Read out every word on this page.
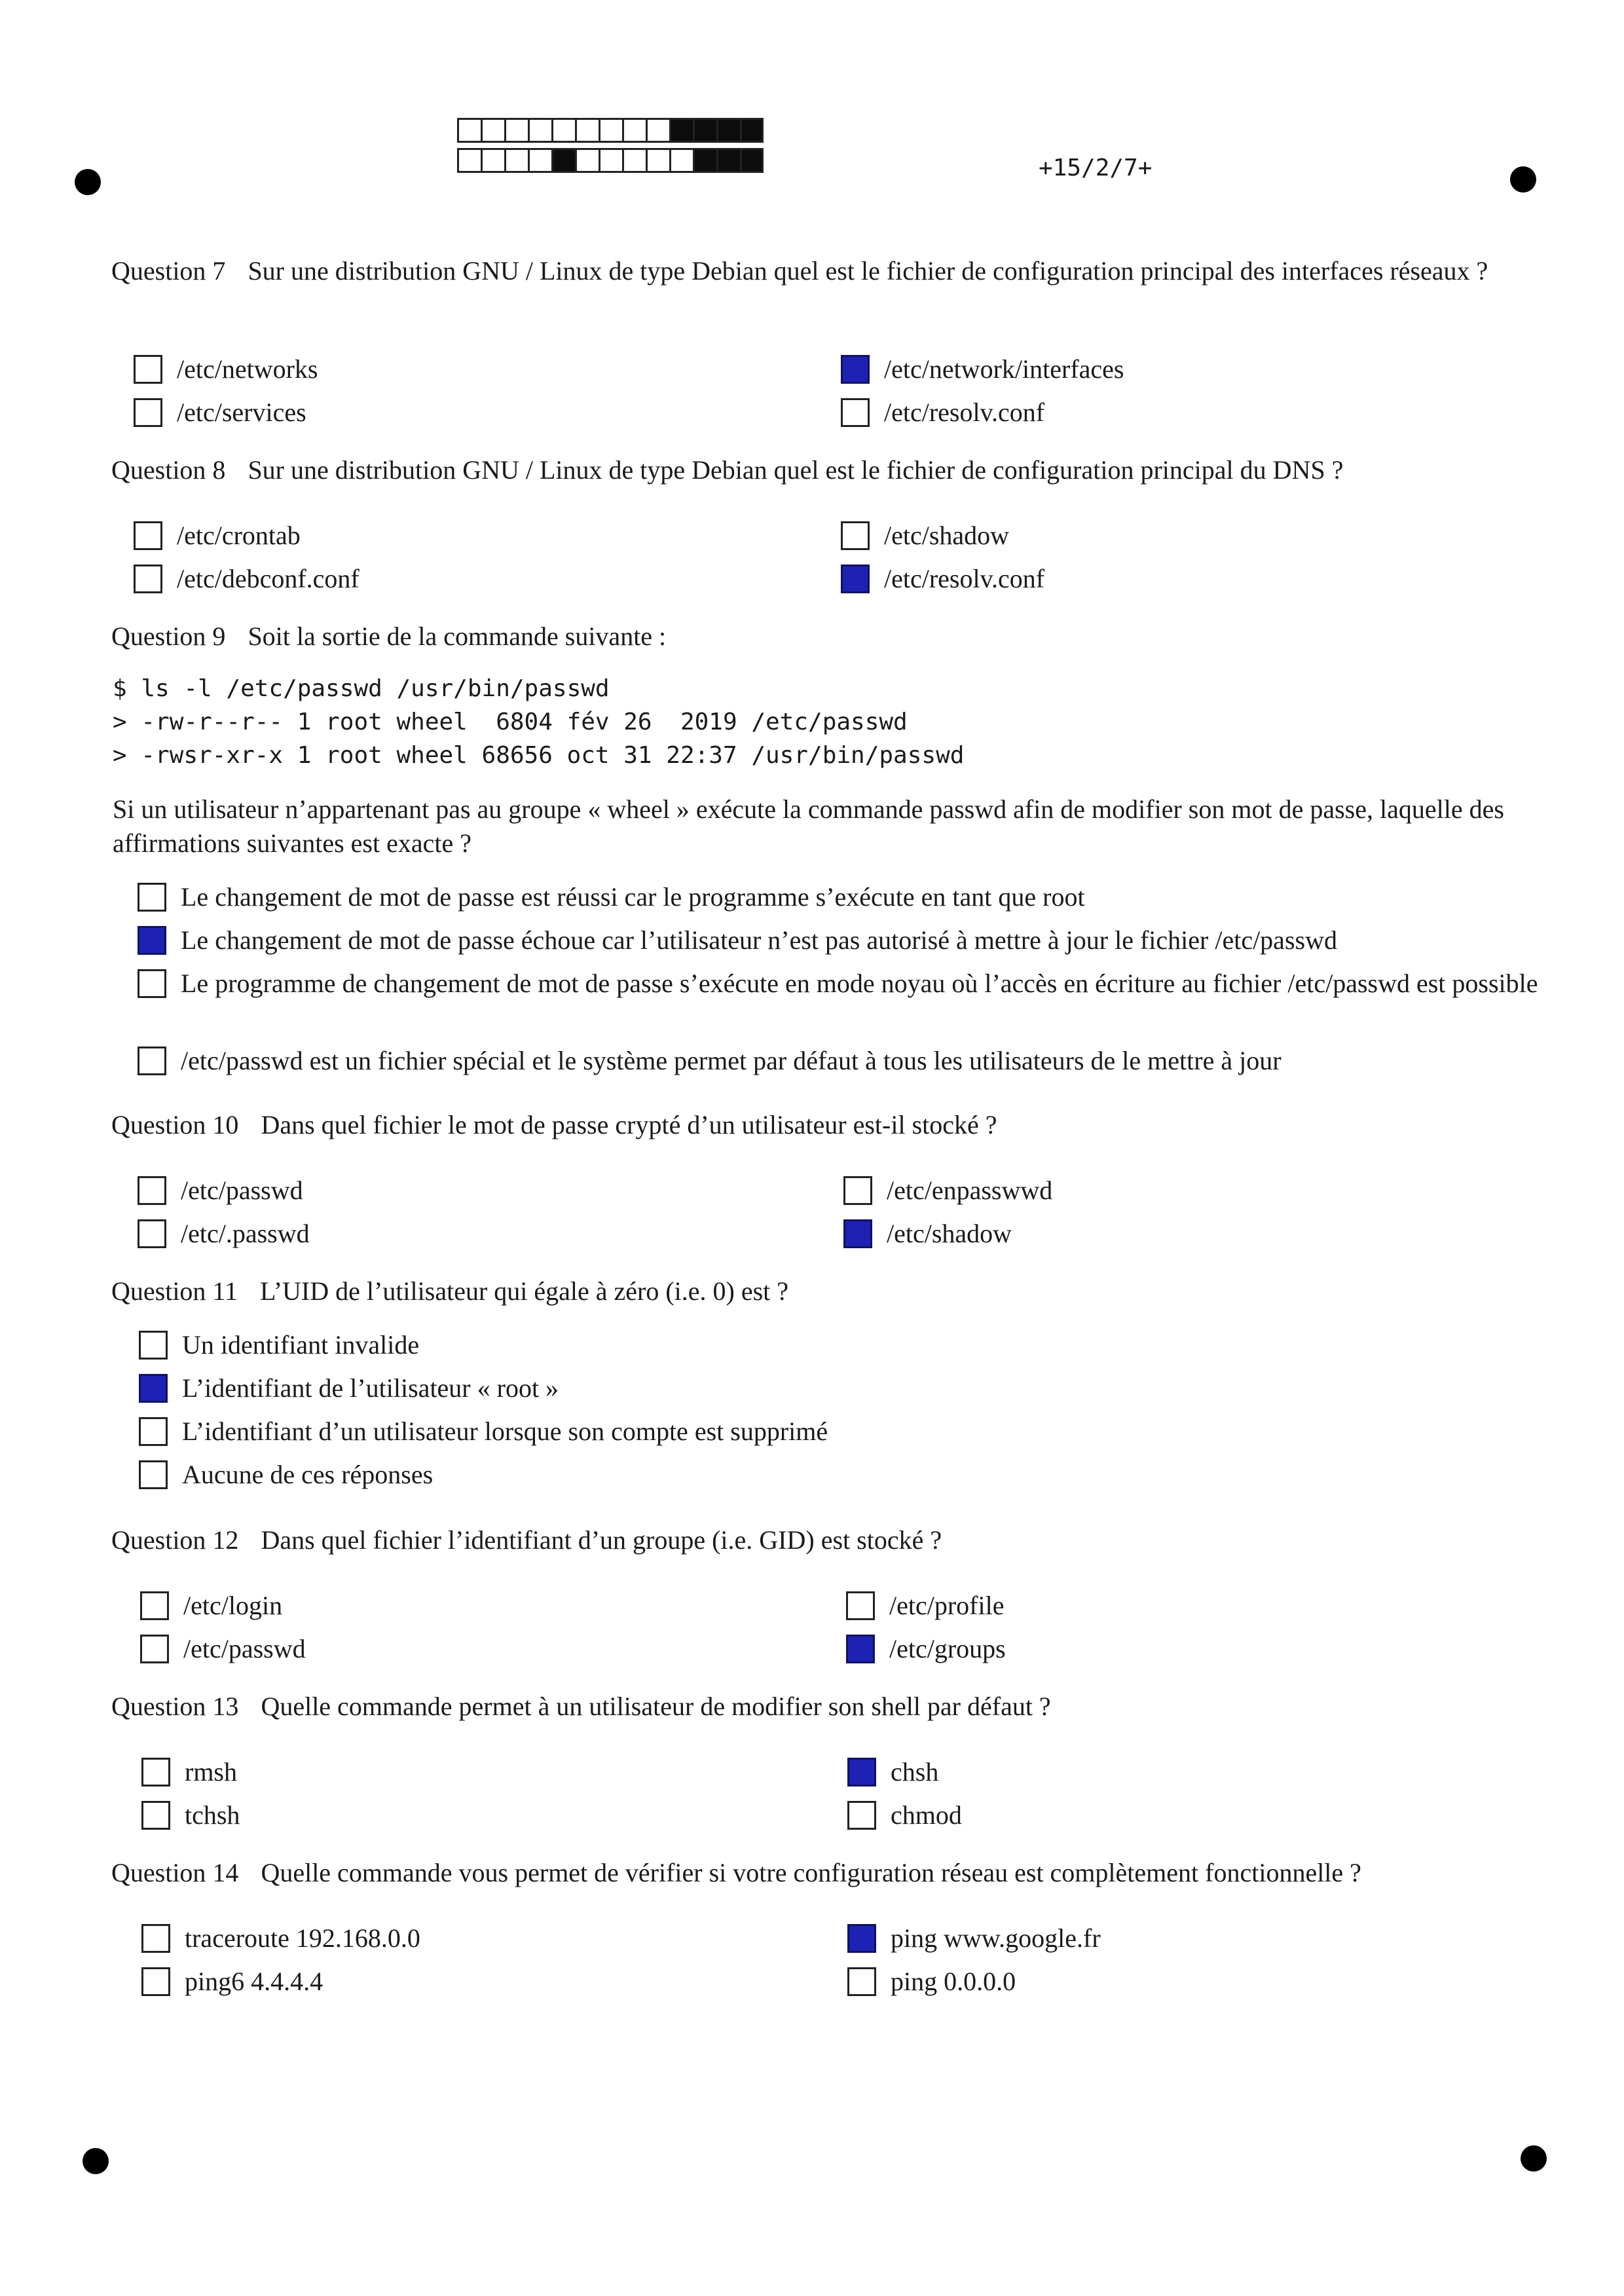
+15/2/7+
Question 7 Sur une distribution GNU / Linux de type Debian quel est le fichier de configuration principal des interfaces réseaux ?
/etc/networks
/etc/services
/etc/network/interfaces
/etc/resolv.conf
Question 8 Sur une distribution GNU / Linux de type Debian quel est le fichier de configuration principal du DNS ?
/etc/crontab
/etc/debconf.conf
/etc/shadow
/etc/resolv.conf
Question 9 Soit la sortie de la commande suivante :
$ ls -l /etc/passwd /usr/bin/passwd
> -rw-r--r-- 1 root wheel  6804 fév 26  2019 /etc/passwd
> -rwsr-xr-x 1 root wheel 68656 oct 31 22:37 /usr/bin/passwd
Si un utilisateur n’appartenant pas au groupe « wheel » exécute la commande passwd afin de modifier son mot de passe, laquelle des affirmations suivantes est exacte ?
Le changement de mot de passe est réussi car le programme s’exécute en tant que root
Le changement de mot de passe échoue car l’utilisateur n’est pas autorisé à mettre à jour le fichier /etc/passwd
Le programme de changement de mot de passe s’exécute en mode noyau où l’accès en écriture au fichier /etc/passwd est possible
/etc/passwd est un fichier spécial et le système permet par défaut à tous les utilisateurs de le mettre à jour
Question 10 Dans quel fichier le mot de passe crypté d’un utilisateur est-il stocké ?
/etc/passwd
/etc/.passwd
/etc/enpasswwd
/etc/shadow
Question 11 L’UID de l’utilisateur qui égale à zéro (i.e. 0) est ?
Un identifiant invalide
L’identifiant de l’utilisateur « root »
L’identifiant d’un utilisateur lorsque son compte est supprimé
Aucune de ces réponses
Question 12 Dans quel fichier l’identifiant d’un groupe (i.e. GID) est stocké ?
/etc/login
/etc/passwd
/etc/profile
/etc/groups
Question 13 Quelle commande permet à un utilisateur de modifier son shell par défaut ?
rmsh
tchsh
chsh
chmod
Question 14 Quelle commande vous permet de vérifier si votre configuration réseau est complètement fonctionnelle ?
traceroute 192.168.0.0
ping6 4.4.4.4
ping www.google.fr
ping 0.0.0.0
